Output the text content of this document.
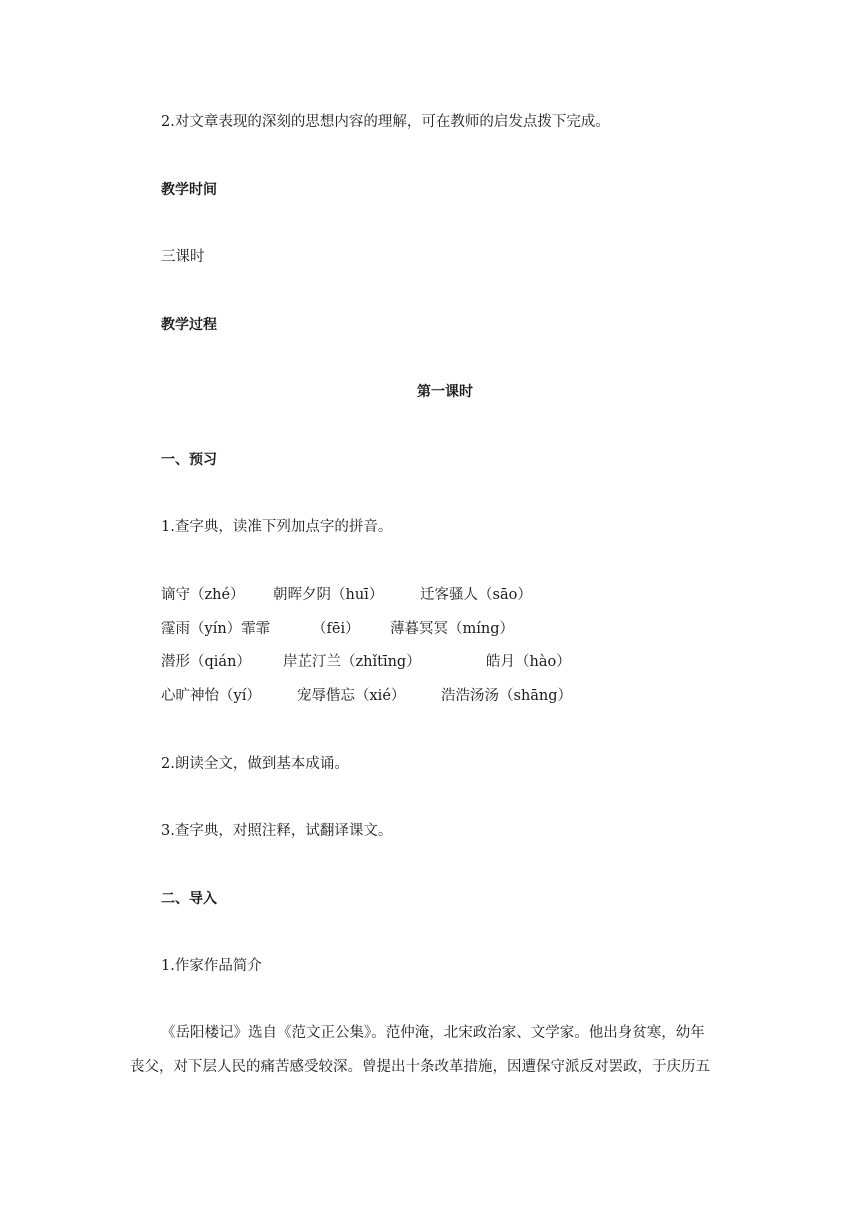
2.对文章表现的深刻的思想内容的理解，可在教师的启发点拨下完成。
教学时间
三课时
教学过程
第一课时
一、预习
1.查字典，读准下列加点字的拼音。
谪守（zhé） 朝晖夕阴（huī）	迁客骚人（sāo）
霪雨（yín）霏霏	（fēi） 薄暮冥冥（míng）
潜形（qián） 岸芷汀兰（zhǐtīng）	皓月（hào）
心旷神怡（yí） 宠辱偕忘（xié） 浩浩汤汤（shāng）
2.朗读全文，做到基本成诵。
3.查字典，对照注释，试翻译课文。
二、导入
1.作家作品简介
《岳阳楼记》选自《范文正公集》。范仲淹，北宋政治家、文学家。他出身贫寒，幼年
丧父，对下层人民的痛苦感受较深。曾提出十条改革措施，因遭保守派反对罢政，于庆历五
